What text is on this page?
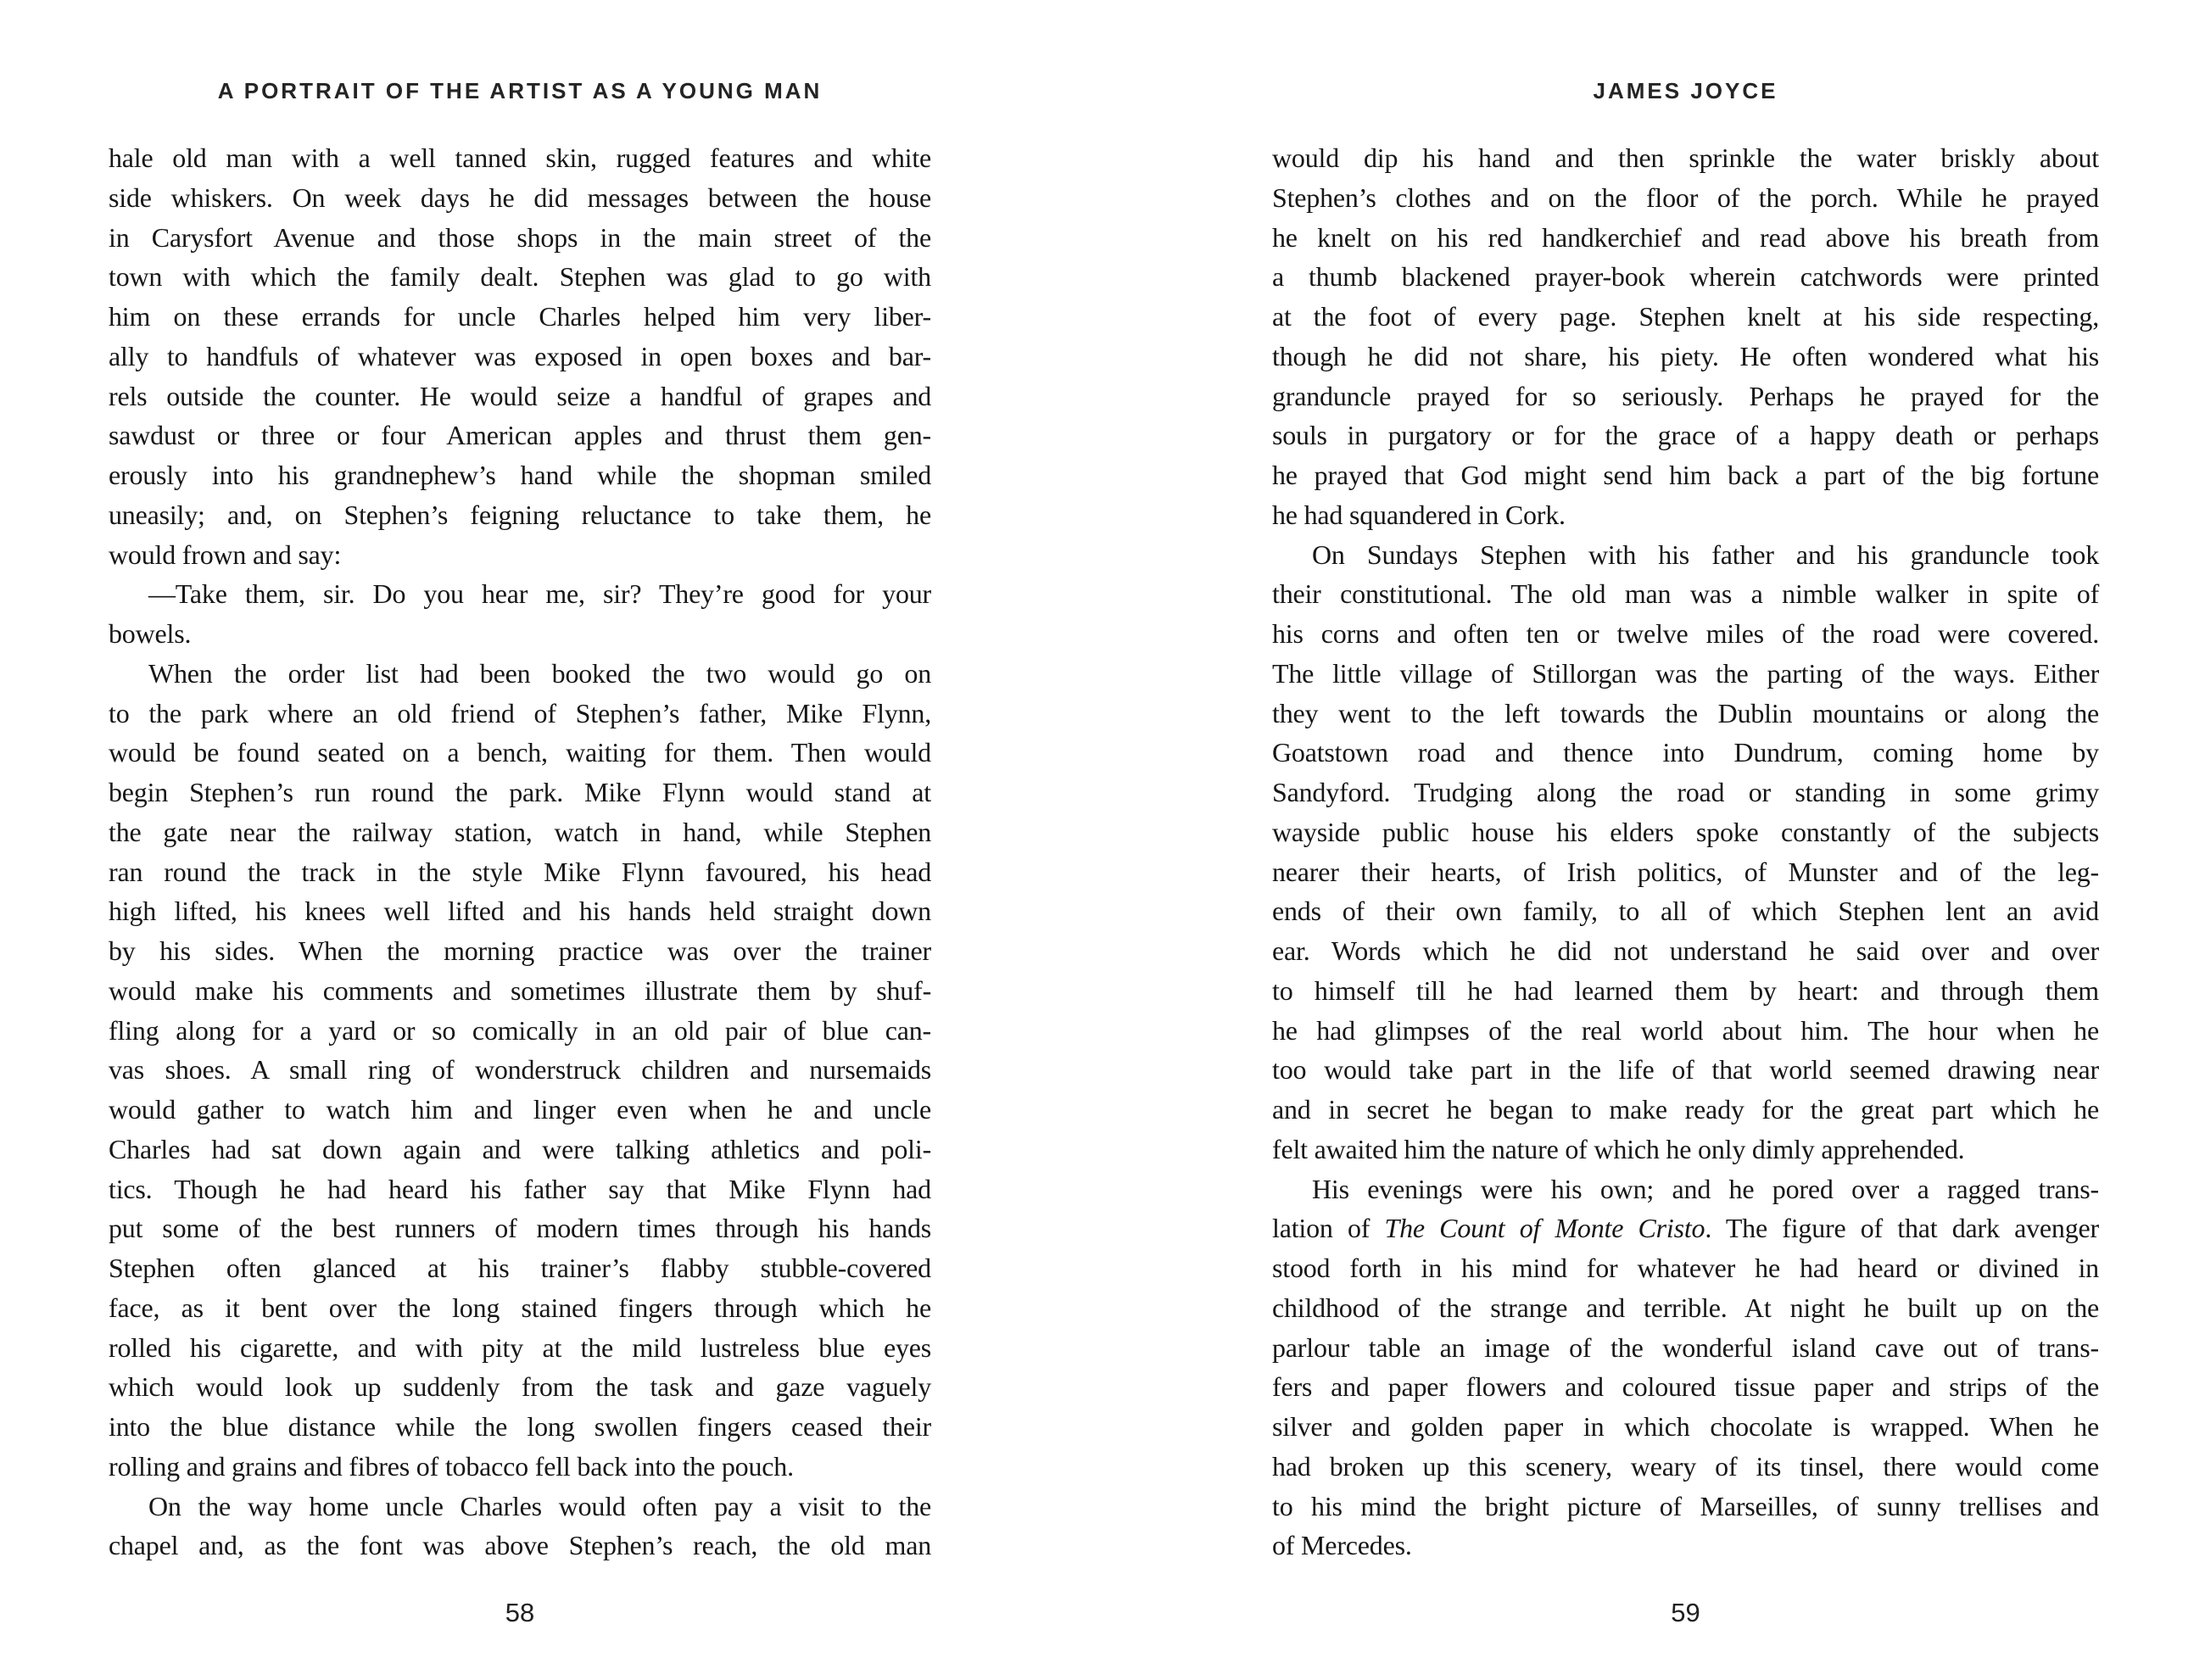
A PORTRAIT OF THE ARTIST AS A YOUNG MAN
hale old man with a well tanned skin, rugged features and white
side whiskers. On week days he did messages between the house
in Carysfort Avenue and those shops in the main street of the
town with which the family dealt. Stephen was glad to go with
him on these errands for uncle Charles helped him very liber-
ally to handfuls of whatever was exposed in open boxes and bar-
rels outside the counter. He would seize a handful of grapes and
sawdust or three or four American apples and thrust them gen-
erously into his grandnephew’s hand while the shopman smiled
uneasily; and, on Stephen’s feigning reluctance to take them, he
would frown and say:
—Take them, sir. Do you hear me, sir? They’re good for your
bowels.
When the order list had been booked the two would go on
to the park where an old friend of Stephen’s father, Mike Flynn,
would be found seated on a bench, waiting for them. Then would
begin Stephen’s run round the park. Mike Flynn would stand at
the gate near the railway station, watch in hand, while Stephen
ran round the track in the style Mike Flynn favoured, his head
high lifted, his knees well lifted and his hands held straight down
by his sides. When the morning practice was over the trainer
would make his comments and sometimes illustrate them by shuf-
fling along for a yard or so comically in an old pair of blue can-
vas shoes. A small ring of wonderstruck children and nursemaids
would gather to watch him and linger even when he and uncle
Charles had sat down again and were talking athletics and poli-
tics. Though he had heard his father say that Mike Flynn had
put some of the best runners of modern times through his hands
Stephen often glanced at his trainer’s flabby stubble-covered
face, as it bent over the long stained fingers through which he
rolled his cigarette, and with pity at the mild lustreless blue eyes
which would look up suddenly from the task and gaze vaguely
into the blue distance while the long swollen fingers ceased their
rolling and grains and fibres of tobacco fell back into the pouch.
On the way home uncle Charles would often pay a visit to the
chapel and, as the font was above Stephen’s reach, the old man
58
JAMES JOYCE
would dip his hand and then sprinkle the water briskly about
Stephen’s clothes and on the floor of the porch. While he prayed
he knelt on his red handkerchief and read above his breath from
a thumb blackened prayer-book wherein catchwords were printed
at the foot of every page. Stephen knelt at his side respecting,
though he did not share, his piety. He often wondered what his
granduncle prayed for so seriously. Perhaps he prayed for the
souls in purgatory or for the grace of a happy death or perhaps
he prayed that God might send him back a part of the big fortune
he had squandered in Cork.
On Sundays Stephen with his father and his granduncle took
their constitutional. The old man was a nimble walker in spite of
his corns and often ten or twelve miles of the road were covered.
The little village of Stillorgan was the parting of the ways. Either
they went to the left towards the Dublin mountains or along the
Goatstown road and thence into Dundrum, coming home by
Sandyford. Trudging along the road or standing in some grimy
wayside public house his elders spoke constantly of the subjects
nearer their hearts, of Irish politics, of Munster and of the leg-
ends of their own family, to all of which Stephen lent an avid
ear. Words which he did not understand he said over and over
to himself till he had learned them by heart: and through them
he had glimpses of the real world about him. The hour when he
too would take part in the life of that world seemed drawing near
and in secret he began to make ready for the great part which he
felt awaited him the nature of which he only dimly apprehended.
His evenings were his own; and he pored over a ragged trans-
lation of The Count of Monte Cristo. The figure of that dark avenger
stood forth in his mind for whatever he had heard or divined in
childhood of the strange and terrible. At night he built up on the
parlour table an image of the wonderful island cave out of trans-
fers and paper flowers and coloured tissue paper and strips of the
silver and golden paper in which chocolate is wrapped. When he
had broken up this scenery, weary of its tinsel, there would come
to his mind the bright picture of Marseilles, of sunny trellises and
of Mercedes.
59
